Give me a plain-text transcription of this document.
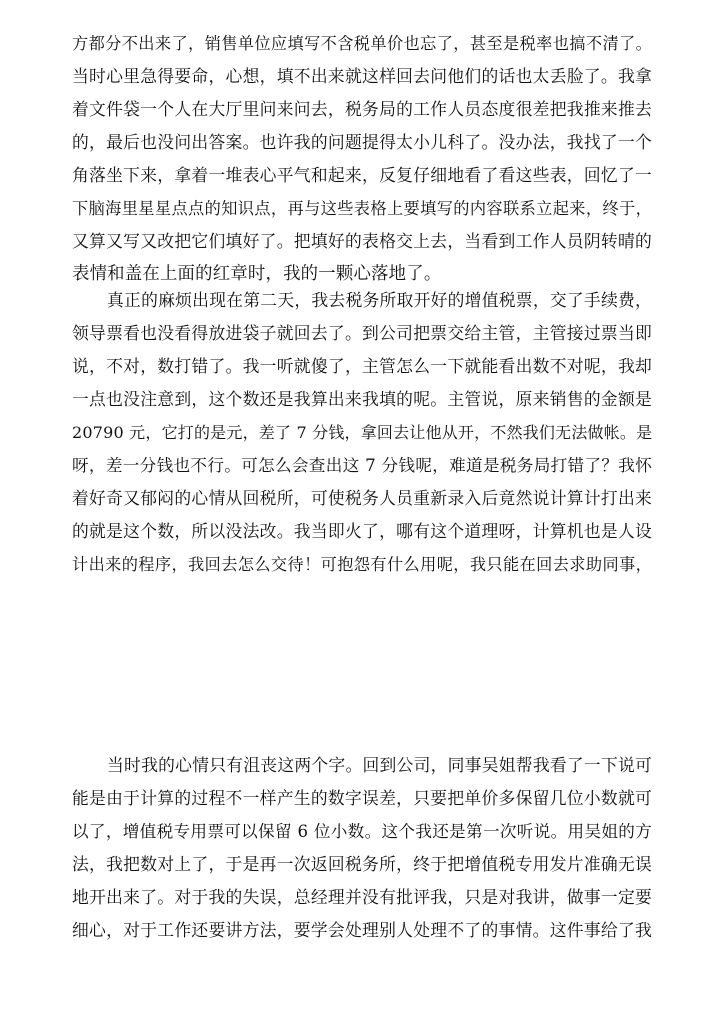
方都分不出来了，销售单位应填写不含税单价也忘了，甚至是税率也搞不清了。
当时心里急得要命，心想，填不出来就这样回去问他们的话也太丢脸了。我拿
着文件袋一个人在大厅里问来问去，税务局的工作人员态度很差把我推来推去
的，最后也没问出答案。也许我的问题提得太小儿科了。没办法，我找了一个
角落坐下来，拿着一堆表心平气和起来，反复仔细地看了看这些表，回忆了一
下脑海里星星点点的知识点，再与这些表格上要填写的内容联系立起来，终于，
又算又写又改把它们填好了。把填好的表格交上去，当看到工作人员阴转晴的
表情和盖在上面的红章时，我的一颗心落地了。
真正的麻烦出现在第二天，我去税务所取开好的增值税票，交了手续费，
领导票看也没看得放进袋子就回去了。到公司把票交给主管，主管接过票当即
说，不对，数打错了。我一听就傻了，主管怎么一下就能看出数不对呢，我却
一点也没注意到，这个数还是我算出来我填的呢。主管说，原来销售的金额是
20790 元，它打的是元，差了 7 分钱，拿回去让他从开，不然我们无法做帐。是
呀，差一分钱也不行。可怎么会查出这 7 分钱呢，难道是税务局打错了？我怀
着好奇又郁闷的心情从回税所，可使税务人员重新录入后竟然说计算计打出来
的就是这个数，所以没法改。我当即火了，哪有这个道理呀，计算机也是人设
计出来的程序，我回去怎么交待！可抱怨有什么用呢，我只能在回去求助同事，
当时我的心情只有沮丧这两个字。回到公司，同事吴姐帮我看了一下说可
能是由于计算的过程不一样产生的数字误差，只要把单价多保留几位小数就可
以了，增值税专用票可以保留 6 位小数。这个我还是第一次听说。用吴姐的方
法，我把数对上了，于是再一次返回税务所，终于把增值税专用发片准确无误
地开出来了。对于我的失误，总经理并没有批评我，只是对我讲，做事一定要
细心，对于工作还要讲方法，要学会处理别人处理不了的事情。这件事给了我
